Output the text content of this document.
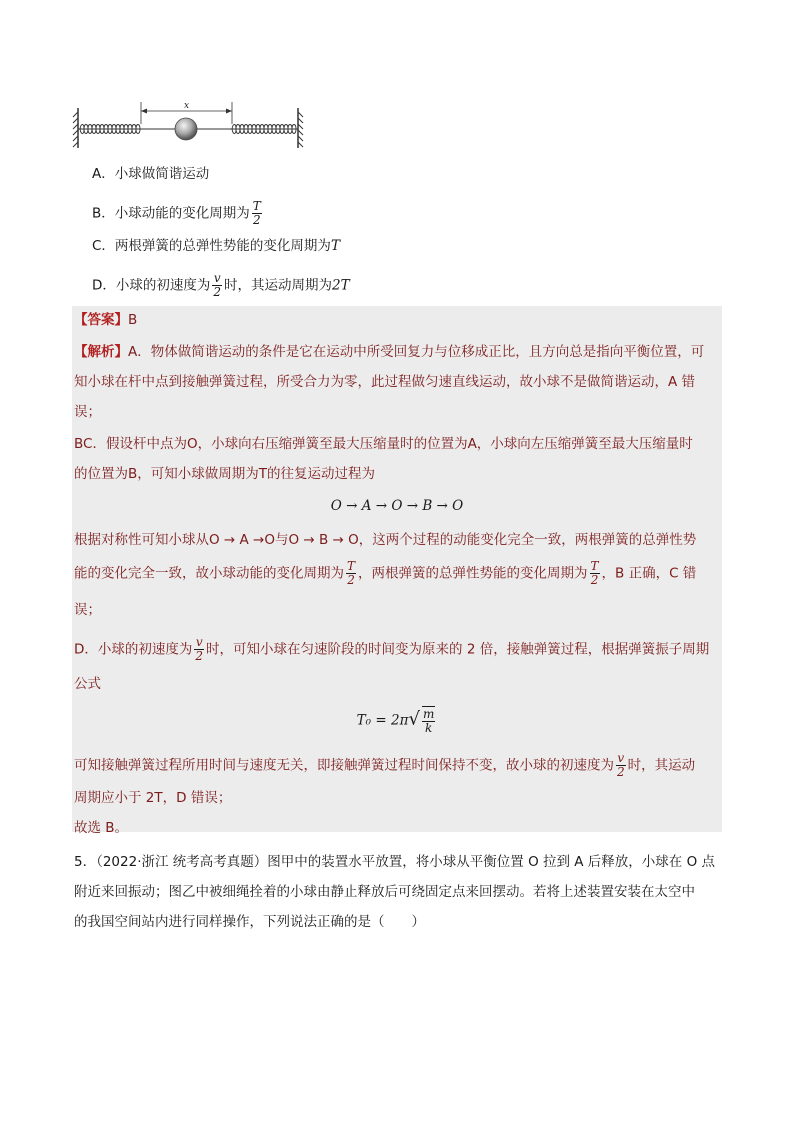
x
A．小球做简谐运动
B．小球动能的变化周期为 $\frac{T}{2}$
C．两根弹簧的总弹性势能的变化周期为T
D．小球的初速度为 $\frac{v}{2}$ 时，其运动周期为2T
【答案】B
【解析】A．物体做简谐运动的条件是它在运动中所受回复力与位移成正比，且方向总是指向平衡位置，可
知小球在杆中点到接触弹簧过程，所受合力为零，此过程做匀速直线运动，故小球不是做简谐运动，A 错
误；
BC．假设杆中点为O，小球向右压缩弹簧至最大压缩量时的位置为A，小球向左压缩弹簧至最大压缩量时
的位置为B，可知小球做周期为T的往复运动过程为
O → A → O → B → O
根据对称性可知小球从O → A →O与O → B → O，这两个过程的动能变化完全一致，两根弹簧的总弹性势
能的变化完全一致，故小球动能的变化周期为 $\frac{T}{2}$ ，两根弹簧的总弹性势能的变化周期为 $\frac{T}{2}$ ，B 正确，C 错
误；
D．小球的初速度为 $\frac{v}{2}$ 时，可知小球在匀速阶段的时间变为原来的 2 倍，接触弹簧过程，根据弹簧振子周期
公式
$T_0 = 2\pi√ \frac{m}{k}$
可知接触弹簧过程所用时间与速度无关，即接触弹簧过程时间保持不变，故小球的初速度为 $\frac{v}{2}$ 时，其运动
周期应小于 2T，D 错误；
故选 B。
5．（2022·浙江 统考高考真题）图甲中的装置水平放置，将小球从平衡位置 O 拉到 A 后释放，小球在 O 点
附近来回振动；图乙中被细绳拴着的小球由静止释放后可绕固定点来回摆动。若将上述装置安装在太空中
的我国空间站内进行同样操作，下列说法正确的是（　　）
